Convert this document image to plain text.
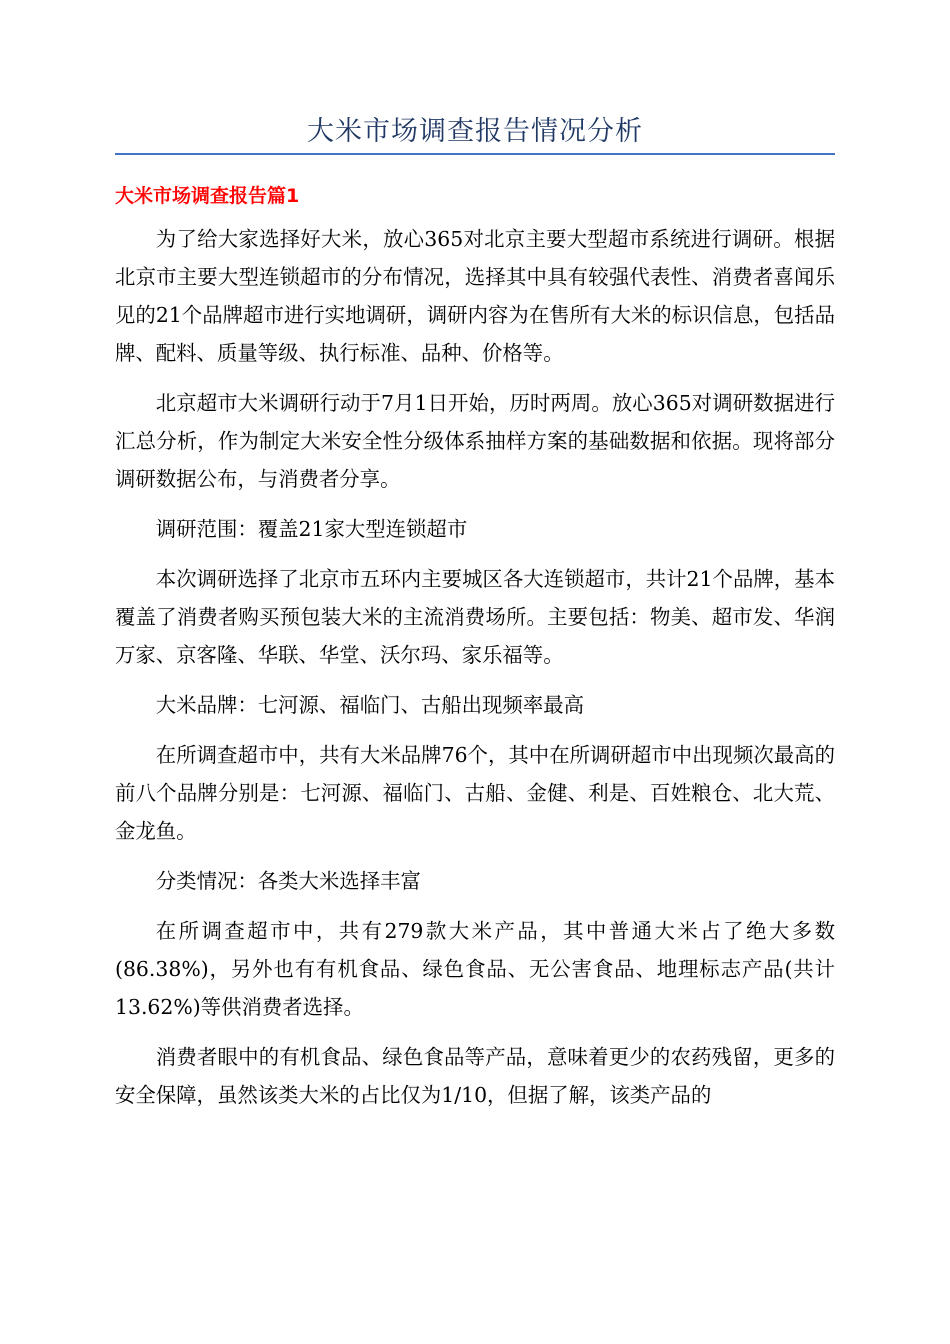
大米市场调查报告情况分析
大米市场调查报告篇1

为了给大家选择好大米，放心365对北京主要大型超市系统进行调研。根据北京市主要大型连锁超市的分布情况，选择其中具有较强代表性、消费者喜闻乐见的21个品牌超市进行实地调研，调研内容为在售所有大米的标识信息，包括品牌、配料、质量等级、执行标准、品种、价格等。

北京超市大米调研行动于7月1日开始，历时两周。放心365对调研数据进行汇总分析，作为制定大米安全性分级体系抽样方案的基础数据和依据。现将部分调研数据公布，与消费者分享。

调研范围：覆盖21家大型连锁超市

本次调研选择了北京市五环内主要城区各大连锁超市，共计21个品牌，基本覆盖了消费者购买预包装大米的主流消费场所。主要包括：物美、超市发、华润万家、京客隆、华联、华堂、沃尔玛、家乐福等。

大米品牌：七河源、福临门、古船出现频率最高

在所调查超市中，共有大米品牌76个，其中在所调研超市中出现频次最高的前八个品牌分别是：七河源、福临门、古船、金健、利是、百姓粮仓、北大荒、金龙鱼。

分类情况：各类大米选择丰富

在所调查超市中，共有279款大米产品，其中普通大米占了绝大多数(86.38%)，另外也有有机食品、绿色食品、无公害食品、地理标志产品(共计13.62%)等供消费者选择。

消费者眼中的有机食品、绿色食品等产品，意味着更少的农药残留，更多的安全保障，虽然该类大米的占比仅为1/10，但据了解，该类产品的
